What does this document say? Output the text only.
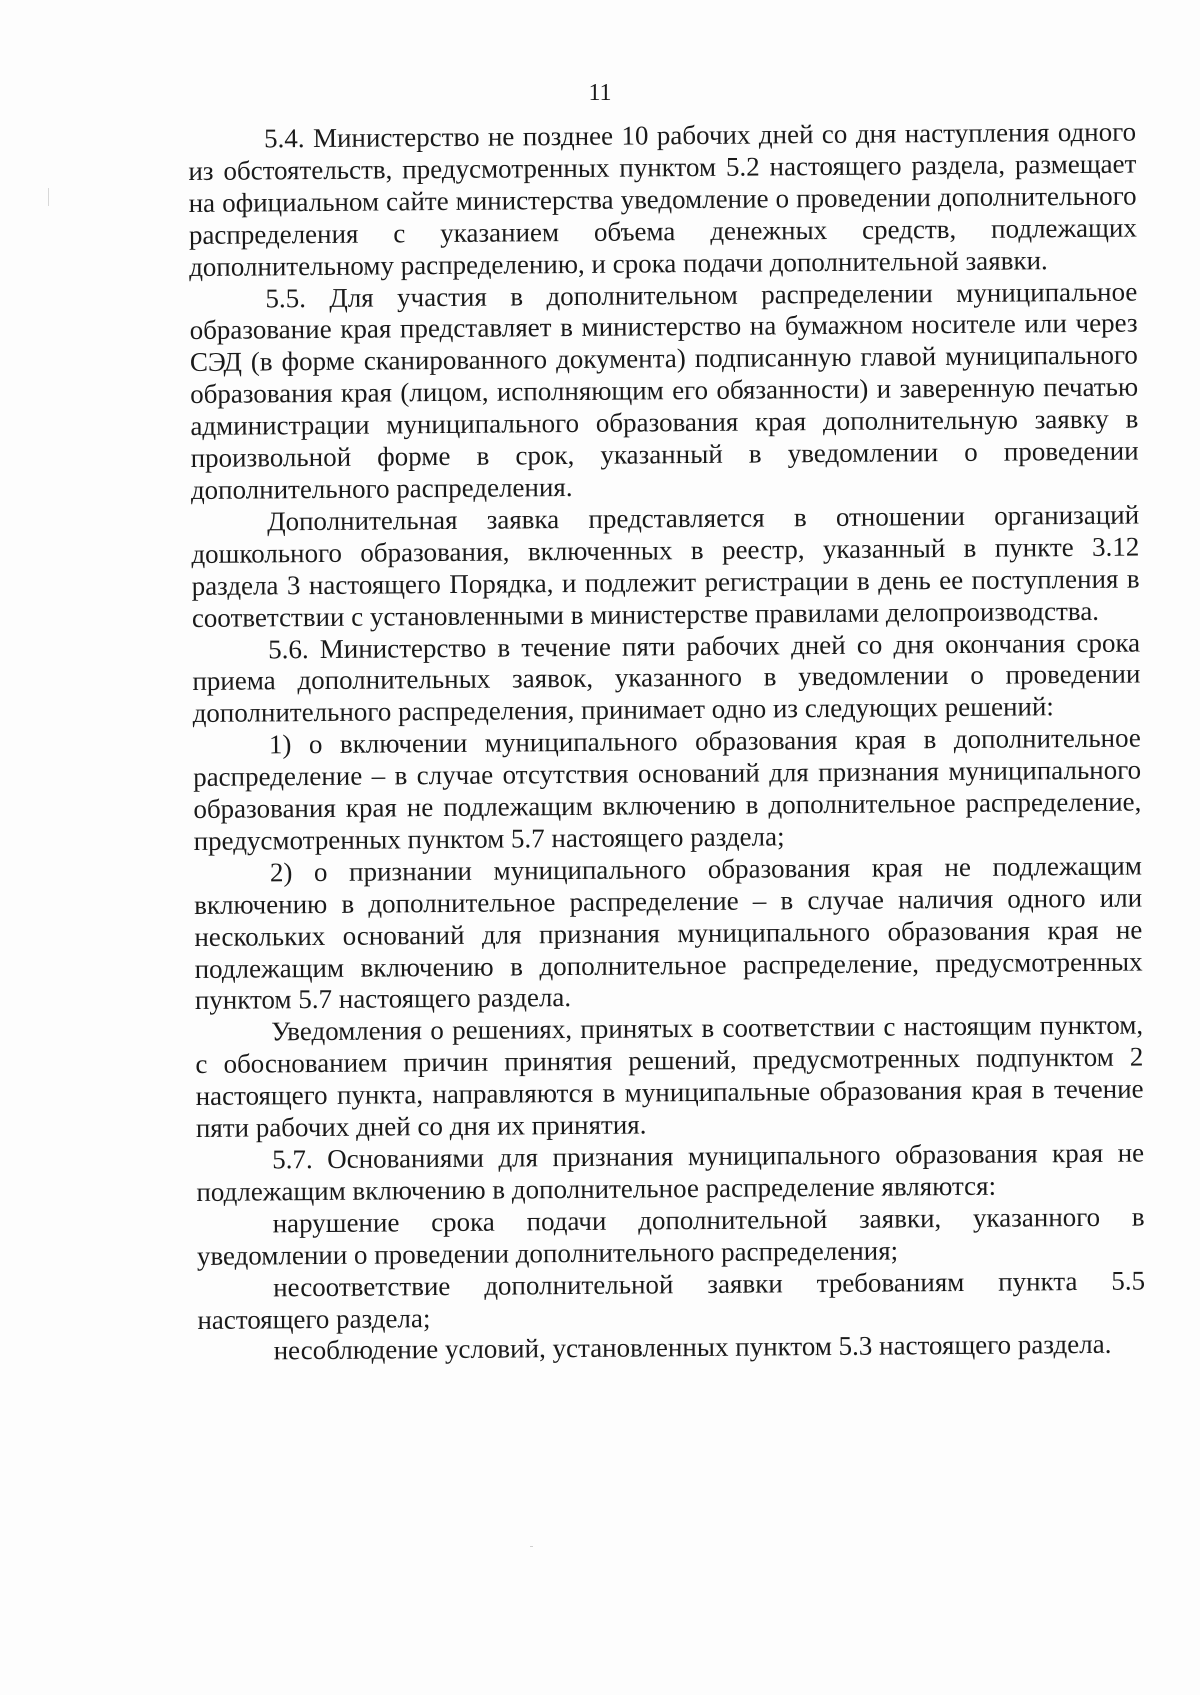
11

5.4. Министерство не позднее 10 рабочих дней со дня наступления одного из обстоятельств, предусмотренных пунктом 5.2 настоящего раздела, размещает на официальном сайте министерства уведомление о проведении дополнительного распределения с указанием объема денежных средств, подлежащих дополнительному распределению, и срока подачи дополнительной заявки.

5.5. Для участия в дополнительном распределении муниципальное образование края представляет в министерство на бумажном носителе или через СЭД (в форме сканированного документа) подписанную главой муниципального образования края (лицом, исполняющим его обязанности) и заверенную печатью администрации муниципального образования края дополнительную заявку в произвольной форме в срок, указанный в уведомлении о проведении дополнительного распределения.

Дополнительная заявка представляется в отношении организаций дошкольного образования, включенных в реестр, указанный в пункте 3.12 раздела 3 настоящего Порядка, и подлежит регистрации в день ее поступления в соответствии с установленными в министерстве правилами делопроизводства.

5.6. Министерство в течение пяти рабочих дней со дня окончания срока приема дополнительных заявок, указанного в уведомлении о проведении дополнительного распределения, принимает одно из следующих решений:

1) о включении муниципального образования края в дополнительное распределение – в случае отсутствия оснований для признания муниципального образования края не подлежащим включению в дополнительное распределение, предусмотренных пунктом 5.7 настоящего раздела;

2) о признании муниципального образования края не подлежащим включению в дополнительное распределение – в случае наличия одного или нескольких оснований для признания муниципального образования края не подлежащим включению в дополнительное распределение, предусмотренных пунктом 5.7 настоящего раздела.

Уведомления о решениях, принятых в соответствии с настоящим пунктом, с обоснованием причин принятия решений, предусмотренных подпунктом 2 настоящего пункта, направляются в муниципальные образования края в течение пяти рабочих дней со дня их принятия.

5.7. Основаниями для признания муниципального образования края не подлежащим включению в дополнительное распределение являются:

нарушение срока подачи дополнительной заявки, указанного в уведомлении о проведении дополнительного распределения;

несоответствие дополнительной заявки требованиям пункта 5.5 настоящего раздела;

несоблюдение условий, установленных пунктом 5.3 настоящего раздела.
